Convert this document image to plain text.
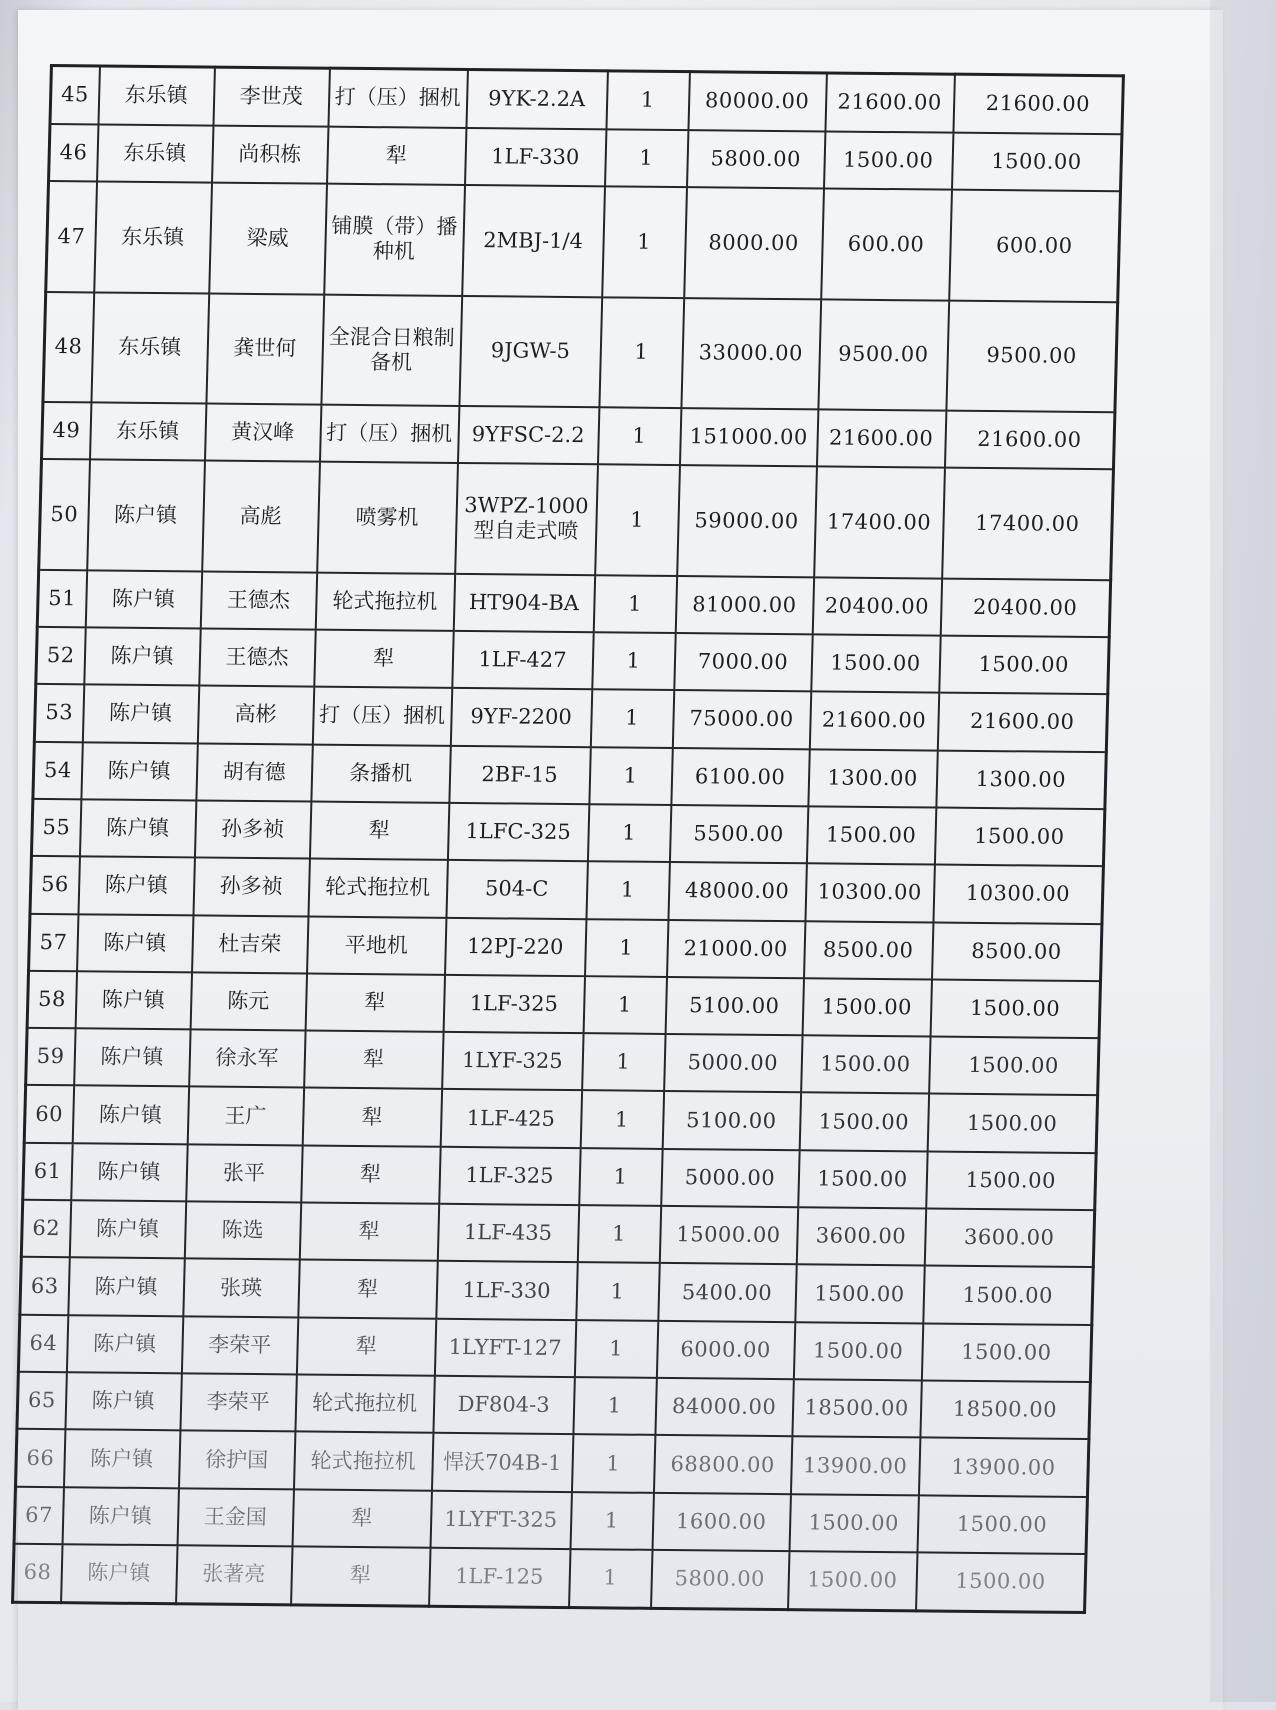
45	东乐镇	李世茂	打（压）捆机	9YK-2.2A	1	80000.00	21600.00	21600.00
46	东乐镇	尚积栋	犁	1LF-330	1	5800.00	1500.00	1500.00
47	东乐镇	梁威	铺膜（带）播种机	2MBJ-1/4	1	8000.00	600.00	600.00
48	东乐镇	龚世何	全混合日粮制备机	9JGW-5	1	33000.00	9500.00	9500.00
49	东乐镇	黄汉峰	打（压）捆机	9YFSC-2.2	1	151000.00	21600.00	21600.00
50	陈户镇	高彪	喷雾机	3WPZ-1000型自走式喷	1	59000.00	17400.00	17400.00
51	陈户镇	王德杰	轮式拖拉机	HT904-BA	1	81000.00	20400.00	20400.00
52	陈户镇	王德杰	犁	1LF-427	1	7000.00	1500.00	1500.00
53	陈户镇	高彬	打（压）捆机	9YF-2200	1	75000.00	21600.00	21600.00
54	陈户镇	胡有德	条播机	2BF-15	1	6100.00	1300.00	1300.00
55	陈户镇	孙多祯	犁	1LFC-325	1	5500.00	1500.00	1500.00
56	陈户镇	孙多祯	轮式拖拉机	504-C	1	48000.00	10300.00	10300.00
57	陈户镇	杜吉荣	平地机	12PJ-220	1	21000.00	8500.00	8500.00
58	陈户镇	陈元	犁	1LF-325	1	5100.00	1500.00	1500.00
59	陈户镇	徐永军	犁	1LYF-325	1	5000.00	1500.00	1500.00
60	陈户镇	王广	犁	1LF-425	1	5100.00	1500.00	1500.00
61	陈户镇	张平	犁	1LF-325	1	5000.00	1500.00	1500.00
62	陈户镇	陈选	犁	1LF-435	1	15000.00	3600.00	3600.00
63	陈户镇	张瑛	犁	1LF-330	1	5400.00	1500.00	1500.00
64	陈户镇	李荣平	犁	1LYFT-127	1	6000.00	1500.00	1500.00
65	陈户镇	李荣平	轮式拖拉机	DF804-3	1	84000.00	18500.00	18500.00
66	陈户镇	徐护国	轮式拖拉机	悍沃704B-1	1	68800.00	13900.00	13900.00
67	陈户镇	王金国	犁	1LYFT-325	1	1600.00	1500.00	1500.00
68	陈户镇	张著亮	犁	1LF-125	1	5800.00	1500.00	1500.00
